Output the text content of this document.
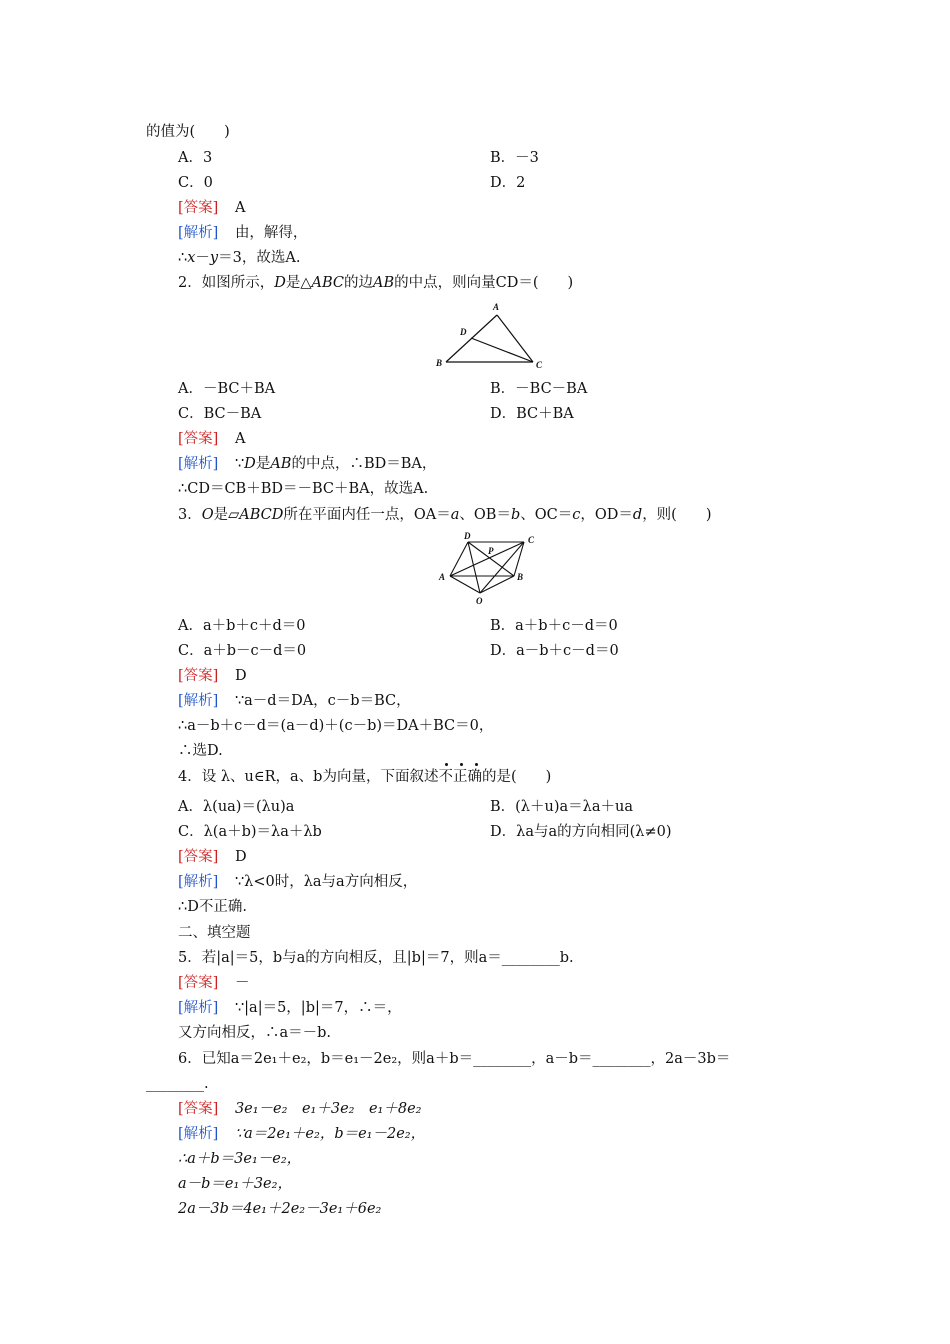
的值为(　　)
A．3	B．－3
C．0	D．2
[答案] A
[解析] 由，解得，
∴x－y＝3，故选A.
2．如图所示，D是△ABC的边AB的中点，则向量CD＝(　　)
A
D
B	C
A．－BC＋BA	B．－BC－BA
C．BC－BA	D．BC＋BA
[答案] A
[解析] ∵D是AB的中点，∴BD＝BA，
∴CD＝CB＋BD＝－BC＋BA，故选A.
3．O是▱ABCD所在平面内任一点，OA＝a、OB＝b、OC＝c，OD＝d，则(　　)
D
P
C
A	B
O
A．a＋b＋c＋d＝0	B．a＋b＋c－d＝0
C．a＋b－c－d＝0	D．a－b＋c－d＝0
[答案] D
[解析] ∵a－d＝DA，c－b＝BC，
∴a－b＋c－d＝(a－d)＋(c－b)＝DA＋BC＝0，
∴选D.
4．设 λ、u∈R，a、b为向量，下面叙述不正确
的是(　　)
A．λ(ua)＝(λu)a	B．(λ＋u)a＝λa＋ua
C．λ(a＋b)＝λa＋λb	D．λa与a的方向相同(λ≠0)
[答案] D
[解析] ∵λ<0时，λa与a方向相反，
∴D不正确.
二、填空题
5．若|a|＝5，b与a的方向相反，且|b|＝7，则a＝________b.
[答案] －
[解析] ∵|a|＝5，|b|＝7，∴＝，
又方向相反，∴a＝－b.
6．已知a＝2e₁＋e₂，b＝e₁－2e₂，则a＋b＝________，a－b＝________，2a－3b＝
________.
[答案] 3e₁－e₂　e₁＋3e₂　e₁＋8e₂
[解析] ∵a＝2e₁＋e₂，b＝e₁－2e₂，
∴a＋b＝3e₁－e₂，
a－b＝e₁＋3e₂，
2a－3b＝4e₁＋2e₂－3e₁＋6e₂
